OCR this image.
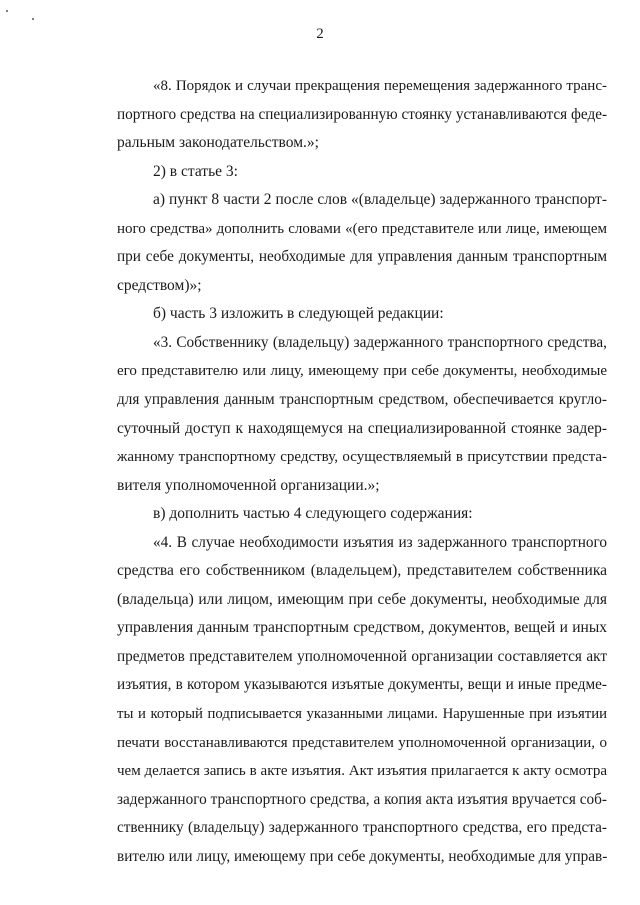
2
«8. Порядок и случаи прекращения перемещения задержанного транс-
портного средства на специализированную стоянку устанавливаются феде-
ральным законодательством.»;
2) в статье 3:
а) пункт 8 части 2 после слов «(владельце) задержанного транспорт-
ного средства» дополнить словами «(его представителе или лице, имеющем
при себе документы, необходимые для управления данным транспортным
средством)»;
б) часть 3 изложить в следующей редакции:
«3. Собственнику (владельцу) задержанного транспортного средства,
его представителю или лицу, имеющему при себе документы, необходимые
для управления данным транспортным средством, обеспечивается кругло-
суточный доступ к находящемуся на специализированной стоянке задер-
жанному транспортному средству, осуществляемый в присутствии предста-
вителя уполномоченной организации.»;
в) дополнить частью 4 следующего содержания:
«4. В случае необходимости изъятия из задержанного транспортного
средства его собственником (владельцем), представителем собственника
(владельца) или лицом, имеющим при себе документы, необходимые для
управления данным транспортным средством, документов, вещей и иных
предметов представителем уполномоченной организации составляется акт
изъятия, в котором указываются изъятые документы, вещи и иные предме-
ты и который подписывается указанными лицами. Нарушенные при изъятии
печати восстанавливаются представителем уполномоченной организации, о
чем делается запись в акте изъятия. Акт изъятия прилагается к акту осмотра
задержанного транспортного средства, а копия акта изъятия вручается соб-
ственнику (владельцу) задержанного транспортного средства, его предста-
вителю или лицу, имеющему при себе документы, необходимые для управ-
